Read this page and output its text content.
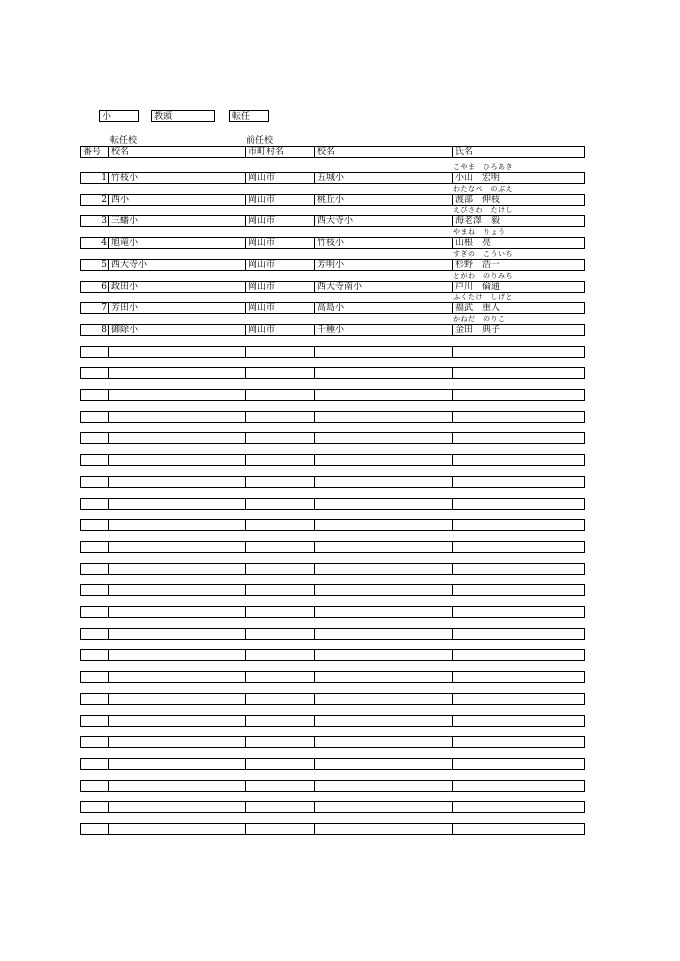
小	教頭	転任
転任校	前任校
番号	校名	市町村名	校名	氏名
1 竹枝小	岡山市	五城小	小山　宏明
こやま　ひろあき
2 西小	岡山市	桃丘小	渡部　伸枝
わたなべ　のぶえ
3 三蟠小	岡山市	西大寺小	海老澤　毅
えびさわ　たけし
4 旭竜小	岡山市	竹枝小	山根　亮
やまね　りょう
5 西大寺小	岡山市	芳明小	杉野　浩一
すぎの　こういち
6 政田小	岡山市	西大寺南小	戸川　倫通
とがわ　のりみち
7 芳田小	岡山市	高島小	福武　重人
ふくたけ　しげと
8 御除小	岡山市	千種小	金田　典子
かねだ　のりこ
